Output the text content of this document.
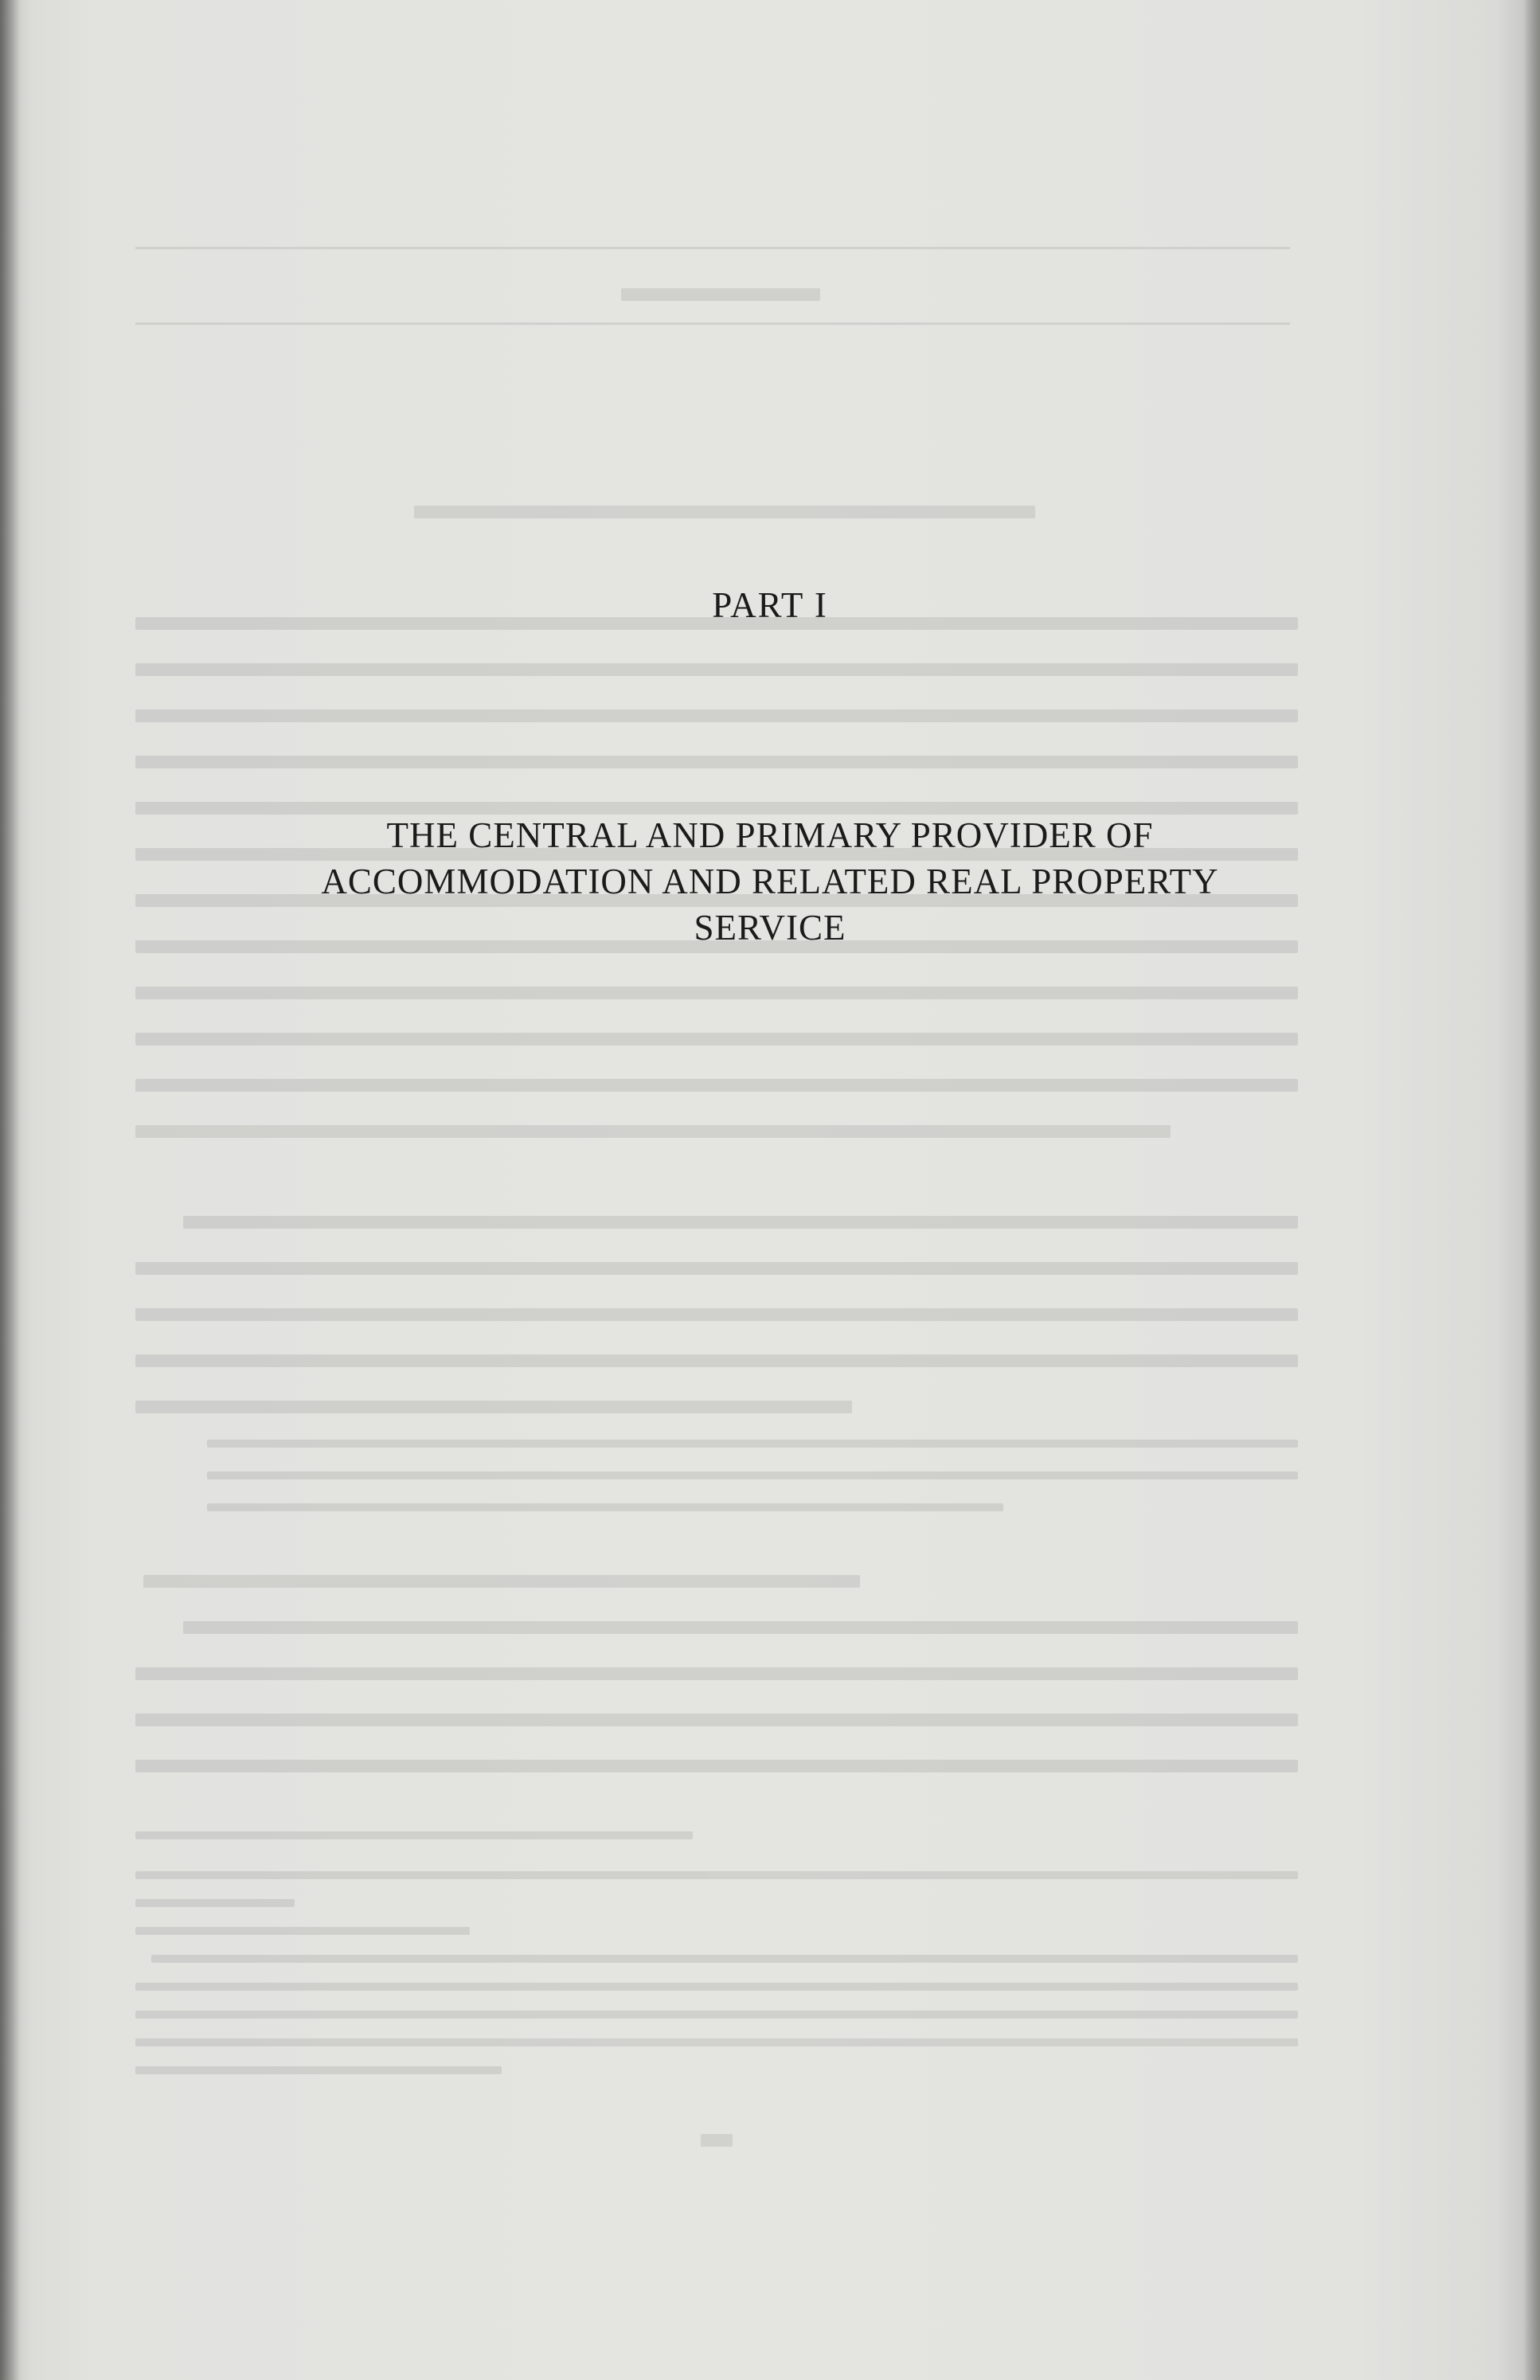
PART I
THE CENTRAL AND PRIMARY PROVIDER OF
ACCOMMODATION AND RELATED REAL PROPERTY
SERVICE
